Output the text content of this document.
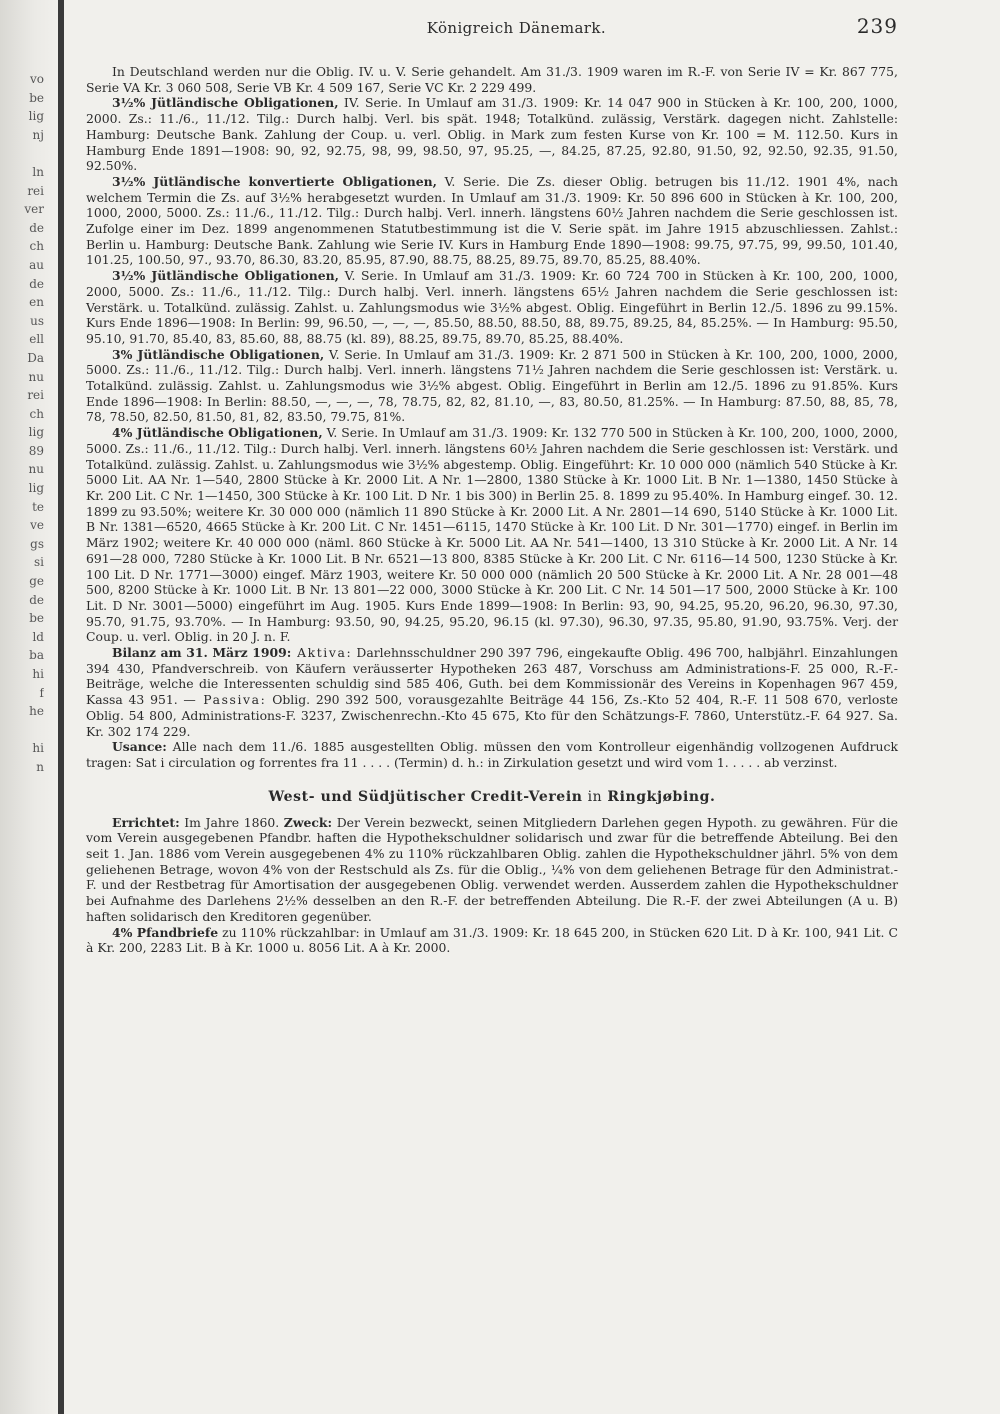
vo
be
lig
nj
ln
rei
ver
de
ch
au
de
en
us
ell
Da
nu
rei
ch
lig
89
nu
lig
te
ve
gs
si
ge
de
be
ld
ba
hi
f
he
hi
n
Königreich Dänemark.	239

In Deutschland werden nur die Oblig. IV. u. V. Serie gehandelt. Am 31./3. 1909 waren im R.-F. von Serie IV = Kr. 867 775, Serie VA Kr. 3 060 508, Serie VB Kr. 4 509 167, Serie VC Kr. 2 229 499.

3½% Jütländische Obligationen, IV. Serie. In Umlauf am 31./3. 1909: Kr. 14 047 900 in Stücken à Kr. 100, 200, 1000, 2000. Zs.: 11./6., 11./12. Tilg.: Durch halbj. Verl. bis spät. 1948; Totalkünd. zulässig, Verstärk. dagegen nicht. Zahlstelle: Hamburg: Deutsche Bank. Zahlung der Coup. u. verl. Oblig. in Mark zum festen Kurse von Kr. 100 = M. 112.50. Kurs in Hamburg Ende 1891—1908: 90, 92, 92.75, 98, 99, 98.50, 97, 95.25, —, 84.25, 87.25, 92.80, 91.50, 92, 92.50, 92.35, 91.50, 92.50%.

3½% Jütländische konvertierte Obligationen, V. Serie. Die Zs. dieser Oblig. betrugen bis 11./12. 1901 4%, nach welchem Termin die Zs. auf 3½% herabgesetzt wurden. In Umlauf am 31./3. 1909: Kr. 50 896 600 in Stücken à Kr. 100, 200, 1000, 2000, 5000. Zs.: 11./6., 11./12. Tilg.: Durch halbj. Verl. innerh. längstens 60½ Jahren nachdem die Serie geschlossen ist. Zufolge einer im Dez. 1899 angenommenen Statutbestimmung ist die V. Serie spät. im Jahre 1915 abzuschliessen. Zahlst.: Berlin u. Hamburg: Deutsche Bank. Zahlung wie Serie IV. Kurs in Hamburg Ende 1890—1908: 99.75, 97.75, 99, 99.50, 101.40, 101.25, 100.50, 97., 93.70, 86.30, 83.20, 85.95, 87.90, 88.75, 88.25, 89.75, 89.70, 85.25, 88.40%.

3½% Jütländische Obligationen, V. Serie. In Umlauf am 31./3. 1909: Kr. 60 724 700 in Stücken à Kr. 100, 200, 1000, 2000, 5000. Zs.: 11./6., 11./12. Tilg.: Durch halbj. Verl. innerh. längstens 65½ Jahren nachdem die Serie geschlossen ist: Verstärk. u. Totalkünd. zulässig. Zahlst. u. Zahlungsmodus wie 3½% abgest. Oblig. Eingeführt in Berlin 12./5. 1896 zu 99.15%. Kurs Ende 1896—1908: In Berlin: 99, 96.50, —, —, —, 85.50, 88.50, 88.50, 88, 89.75, 89.25, 84, 85.25%. — In Hamburg: 95.50, 95.10, 91.70, 85.40, 83, 85.60, 88, 88.75 (kl. 89), 88.25, 89.75, 89.70, 85.25, 88.40%.

3% Jütländische Obligationen, V. Serie. In Umlauf am 31./3. 1909: Kr. 2 871 500 in Stücken à Kr. 100, 200, 1000, 2000, 5000. Zs.: 11./6., 11./12. Tilg.: Durch halbj. Verl. innerh. längstens 71½ Jahren nachdem die Serie geschlossen ist: Verstärk. u. Totalkünd. zulässig. Zahlst. u. Zahlungsmodus wie 3½% abgest. Oblig. Eingeführt in Berlin am 12./5. 1896 zu 91.85%. Kurs Ende 1896—1908: In Berlin: 88.50, —, —, —, 78, 78.75, 82, 82, 81.10, —, 83, 80.50, 81.25%. — In Hamburg: 87.50, 88, 85, 78, 78, 78.50, 82.50, 81.50, 81, 82, 83.50, 79.75, 81%.

4% Jütländische Obligationen, V. Serie. In Umlauf am 31./3. 1909: Kr. 132 770 500 in Stücken à Kr. 100, 200, 1000, 2000, 5000. Zs.: 11./6., 11./12. Tilg.: Durch halbj. Verl. innerh. längstens 60½ Jahren nachdem die Serie geschlossen ist: Verstärk. und Totalkünd. zulässig. Zahlst. u. Zahlungsmodus wie 3½% abgestemp. Oblig. Eingeführt: Kr. 10 000 000 (nämlich 540 Stücke à Kr. 5000 Lit. AA Nr. 1—540, 2800 Stücke à Kr. 2000 Lit. A Nr. 1—2800, 1380 Stücke à Kr. 1000 Lit. B Nr. 1—1380, 1450 Stücke à Kr. 200 Lit. C Nr. 1—1450, 300 Stücke à Kr. 100 Lit. D Nr. 1 bis 300) in Berlin 25. 8. 1899 zu 95.40%. In Hamburg eingef. 30. 12. 1899 zu 93.50%; weitere Kr. 30 000 000 (nämlich 11 890 Stücke à Kr. 2000 Lit. A Nr. 2801—14 690, 5140 Stücke à Kr. 1000 Lit. B Nr. 1381—6520, 4665 Stücke à Kr. 200 Lit. C Nr. 1451—6115, 1470 Stücke à Kr. 100 Lit. D Nr. 301—1770) eingef. in Berlin im März 1902; weitere Kr. 40 000 000 (näml. 860 Stücke à Kr. 5000 Lit. AA Nr. 541—1400, 13 310 Stücke à Kr. 2000 Lit. A Nr. 14 691—28 000, 7280 Stücke à Kr. 1000 Lit. B Nr. 6521—13 800, 8385 Stücke à Kr. 200 Lit. C Nr. 6116—14 500, 1230 Stücke à Kr. 100 Lit. D Nr. 1771—3000) eingef. März 1903, weitere Kr. 50 000 000 (nämlich 20 500 Stücke à Kr. 2000 Lit. A Nr. 28 001—48 500, 8200 Stücke à Kr. 1000 Lit. B Nr. 13 801—22 000, 3000 Stücke à Kr. 200 Lit. C Nr. 14 501—17 500, 2000 Stücke à Kr. 100 Lit. D Nr. 3001—5000) eingeführt im Aug. 1905. Kurs Ende 1899—1908: In Berlin: 93, 90, 94.25, 95.20, 96.20, 96.30, 97.30, 95.70, 91.75, 93.70%. — In Hamburg: 93.50, 90, 94.25, 95.20, 96.15 (kl. 97.30), 96.30, 97.35, 95.80, 91.90, 93.75%. Verj. der Coup. u. verl. Oblig. in 20 J. n. F.

Bilanz am 31. März 1909: Aktiva: Darlehnsschuldner 290 397 796, eingekaufte Oblig. 496 700, halbjährl. Einzahlungen 394 430, Pfandverschreib. von Käufern veräusserter Hypotheken 263 487, Vorschuss am Administrations-F. 25 000, R.-F.-Beiträge, welche die Interessenten schuldig sind 585 406, Guth. bei dem Kommissionär des Vereins in Kopenhagen 967 459, Kassa 43 951. — Passiva: Oblig. 290 392 500, vorausgezahlte Beiträge 44 156, Zs.-Kto 52 404, R.-F. 11 508 670, verloste Oblig. 54 800, Administrations-F. 3237, Zwischenrechn.-Kto 45 675, Kto für den Schätzungs-F. 7860, Unterstütz.-F. 64 927. Sa. Kr. 302 174 229.

Usance: Alle nach dem 11./6. 1885 ausgestellten Oblig. müssen den vom Kontrolleur eigenhändig vollzogenen Aufdruck tragen: Sat i circulation og forrentes fra 11 . . . . (Termin) d. h.: in Zirkulation gesetzt und wird vom 1. . . . . ab verzinst.

West- und Südjütischer Credit-Verein in Ringkjøbing.

Errichtet: Im Jahre 1860. Zweck: Der Verein bezweckt, seinen Mitgliedern Darlehen gegen Hypoth. zu gewähren. Für die vom Verein ausgegebenen Pfandbr. haften die Hypothekschuldner solidarisch und zwar für die betreffende Abteilung. Bei den seit 1. Jan. 1886 vom Verein ausgegebenen 4% zu 110% rückzahlbaren Oblig. zahlen die Hypothekschuldner jährl. 5% von dem geliehenen Betrage, wovon 4% von der Restschuld als Zs. für die Oblig., ¼% von dem geliehenen Betrage für den Administrat.-F. und der Restbetrag für Amortisation der ausgegebenen Oblig. verwendet werden. Ausserdem zahlen die Hypothekschuldner bei Aufnahme des Darlehens 2½% desselben an den R.-F. der betreffenden Abteilung. Die R.-F. der zwei Abteilungen (A u. B) haften solidarisch den Kreditoren gegenüber.

4% Pfandbriefe zu 110% rückzahlbar: in Umlauf am 31./3. 1909: Kr. 18 645 200, in Stücken 620 Lit. D à Kr. 100, 941 Lit. C à Kr. 200, 2283 Lit. B à Kr. 1000 u. 8056 Lit. A à Kr. 2000.
